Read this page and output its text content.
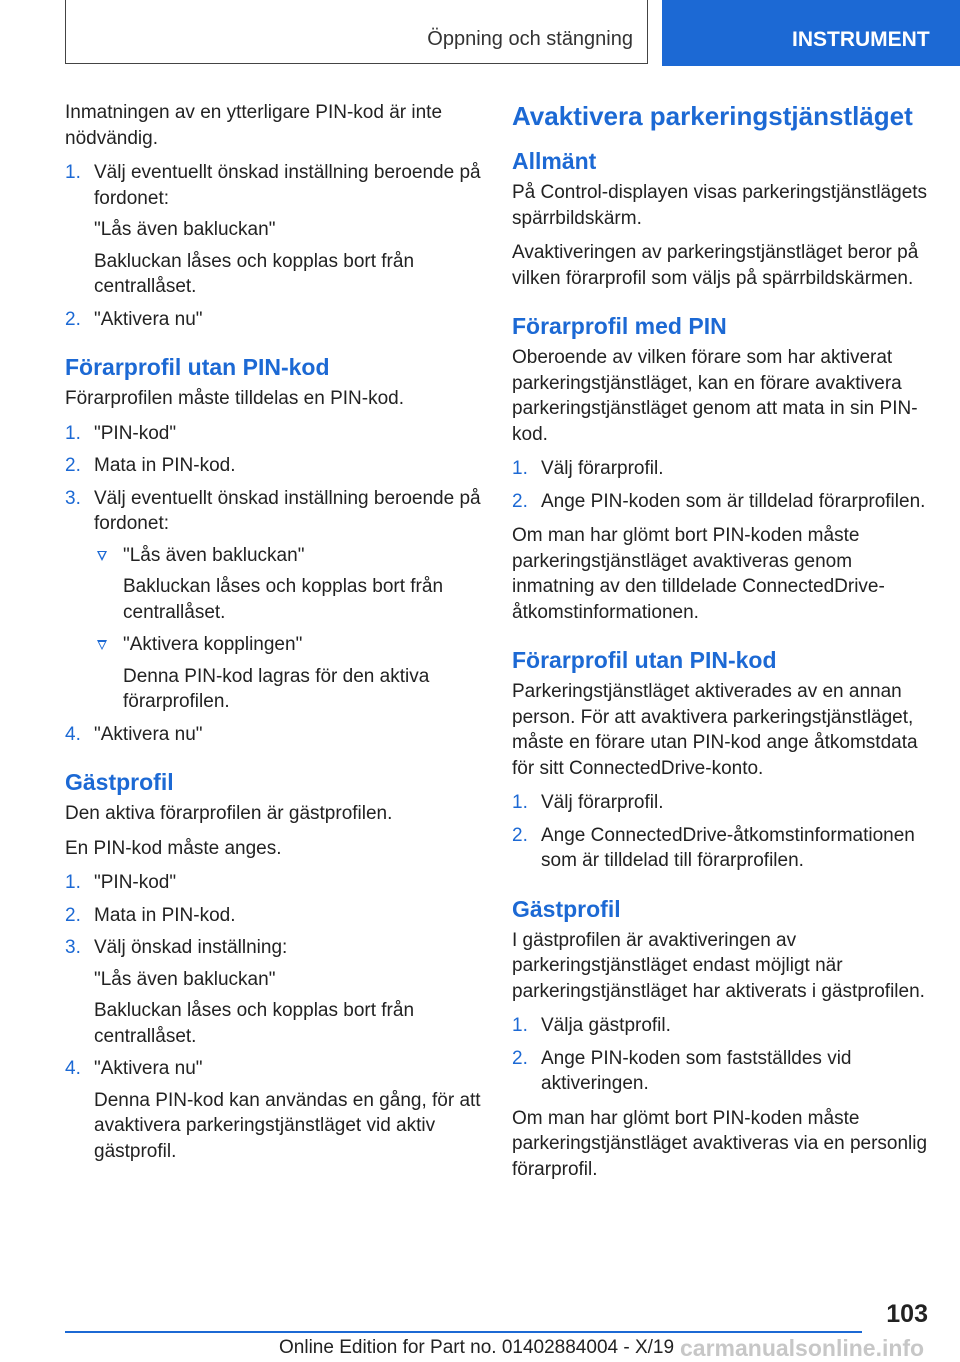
Öppning och stängning	INSTRUMENT

Inmatningen av en ytterligare PIN-kod är inte nödvändig.

1. Välj eventuellt önskad inställning beroende på fordonet:

"Lås även bakluckan"

Bakluckan låses och kopplas bort från centrallåset.

2. "Aktivera nu"

Förarprofil utan PIN-kod

Förarprofilen måste tilldelas en PIN-kod.

1. "PIN-kod"

2. Mata in PIN-kod.

3. Välj eventuellt önskad inställning beroende på fordonet:

"Lås även bakluckan"

Bakluckan låses och kopplas bort från centrallåset.

"Aktivera kopplingen"

Denna PIN-kod lagras för den aktiva förarprofilen.

4. "Aktivera nu"

Gästprofil

Den aktiva förarprofilen är gästprofilen.

En PIN-kod måste anges.

1. "PIN-kod"

2. Mata in PIN-kod.

3. Välj önskad inställning:

"Lås även bakluckan"

Bakluckan låses och kopplas bort från centrallåset.

4. "Aktivera nu"

Denna PIN-kod kan användas en gång, för att avaktivera parkeringstjänstläget vid aktiv gästprofil.

Avaktivera parkeringstjänstläget
Allmänt

På Control-displayen visas parkeringstjänstlägets spärrbildskärm.

Avaktiveringen av parkeringstjänstläget beror på vilken förarprofil som väljs på spärrbildskärmen.

Förarprofil med PIN

Oberoende av vilken förare som har aktiverat parkeringstjänstläget, kan en förare avaktivera parkeringstjänstläget genom att mata in sin PIN-kod.

1. Välj förarprofil.

2. Ange PIN-koden som är tilldelad förarprofilen.

Om man har glömt bort PIN-koden måste parkeringstjänstläget avaktiveras genom inmatning av den tilldelade ConnectedDrive-åtkomstinformationen.

Förarprofil utan PIN-kod

Parkeringstjänstläget aktiverades av en annan person. För att avaktivera parkeringstjänstläget, måste en förare utan PIN-kod ange åtkomstdata för sitt ConnectedDrive-konto.

1. Välj förarprofil.

2. Ange ConnectedDrive-åtkomstinformationen som är tilldelad till förarprofilen.

Gästprofil

I gästprofilen är avaktiveringen av parkeringstjänstläget endast möjligt när parkeringstjänstläget har aktiverats i gästprofilen.

1. Välja gästprofil.

2. Ange PIN-koden som fastställdes vid aktiveringen.

Om man har glömt bort PIN-koden måste parkeringstjänstläget avaktiveras via en personlig förarprofil.

103
Online Edition for Part no. 01402884004 - X/19 carmanualsonline.info
